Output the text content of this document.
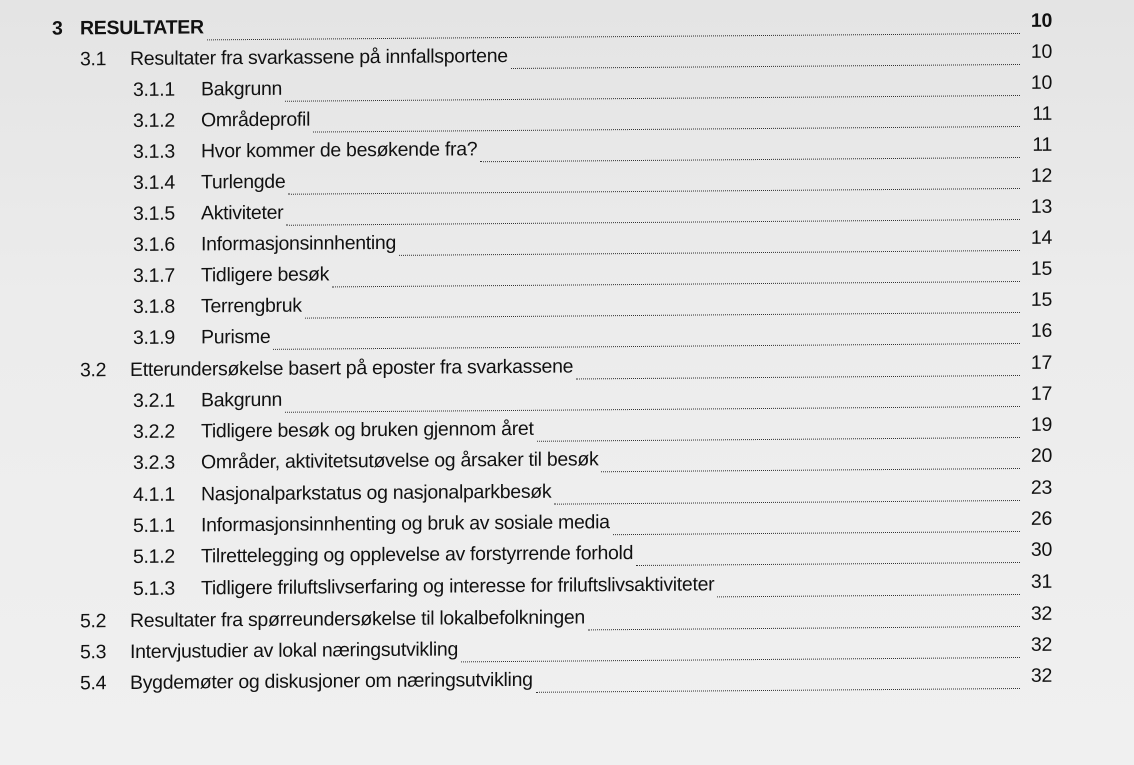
3 RESULTATER	10
3.1	Resultater fra svarkassene på innfallsportene	10
3.1.1	Bakgrunn	10
3.1.2	Områdeprofil	11
3.1.3	Hvor kommer de besøkende fra?	11
3.1.4	Turlengde	12
3.1.5	Aktiviteter	13
3.1.6	Informasjonsinnhenting	14
3.1.7	Tidligere besøk	15
3.1.8	Terrengbruk	15
3.1.9	Purisme	16
3.2	Etterundersøkelse basert på eposter fra svarkassene	17
3.2.1	Bakgrunn	17
3.2.2	Tidligere besøk og bruken gjennom året	19
3.2.3	Områder, aktivitetsutøvelse og årsaker til besøk	20
4.1.1	Nasjonalparkstatus og nasjonalparkbesøk	23
5.1.1	Informasjonsinnhenting og bruk av sosiale media	26
5.1.2	Tilrettelegging og opplevelse av forstyrrende forhold	30
5.1.3	Tidligere friluftslivserfaring og interesse for friluftslivsaktiviteter	31
5.2	Resultater fra spørreundersøkelse til lokalbefolkningen	32
5.3	Intervjustudier av lokal næringsutvikling	32
5.4	Bygdemøter og diskusjoner om næringsutvikling	32
